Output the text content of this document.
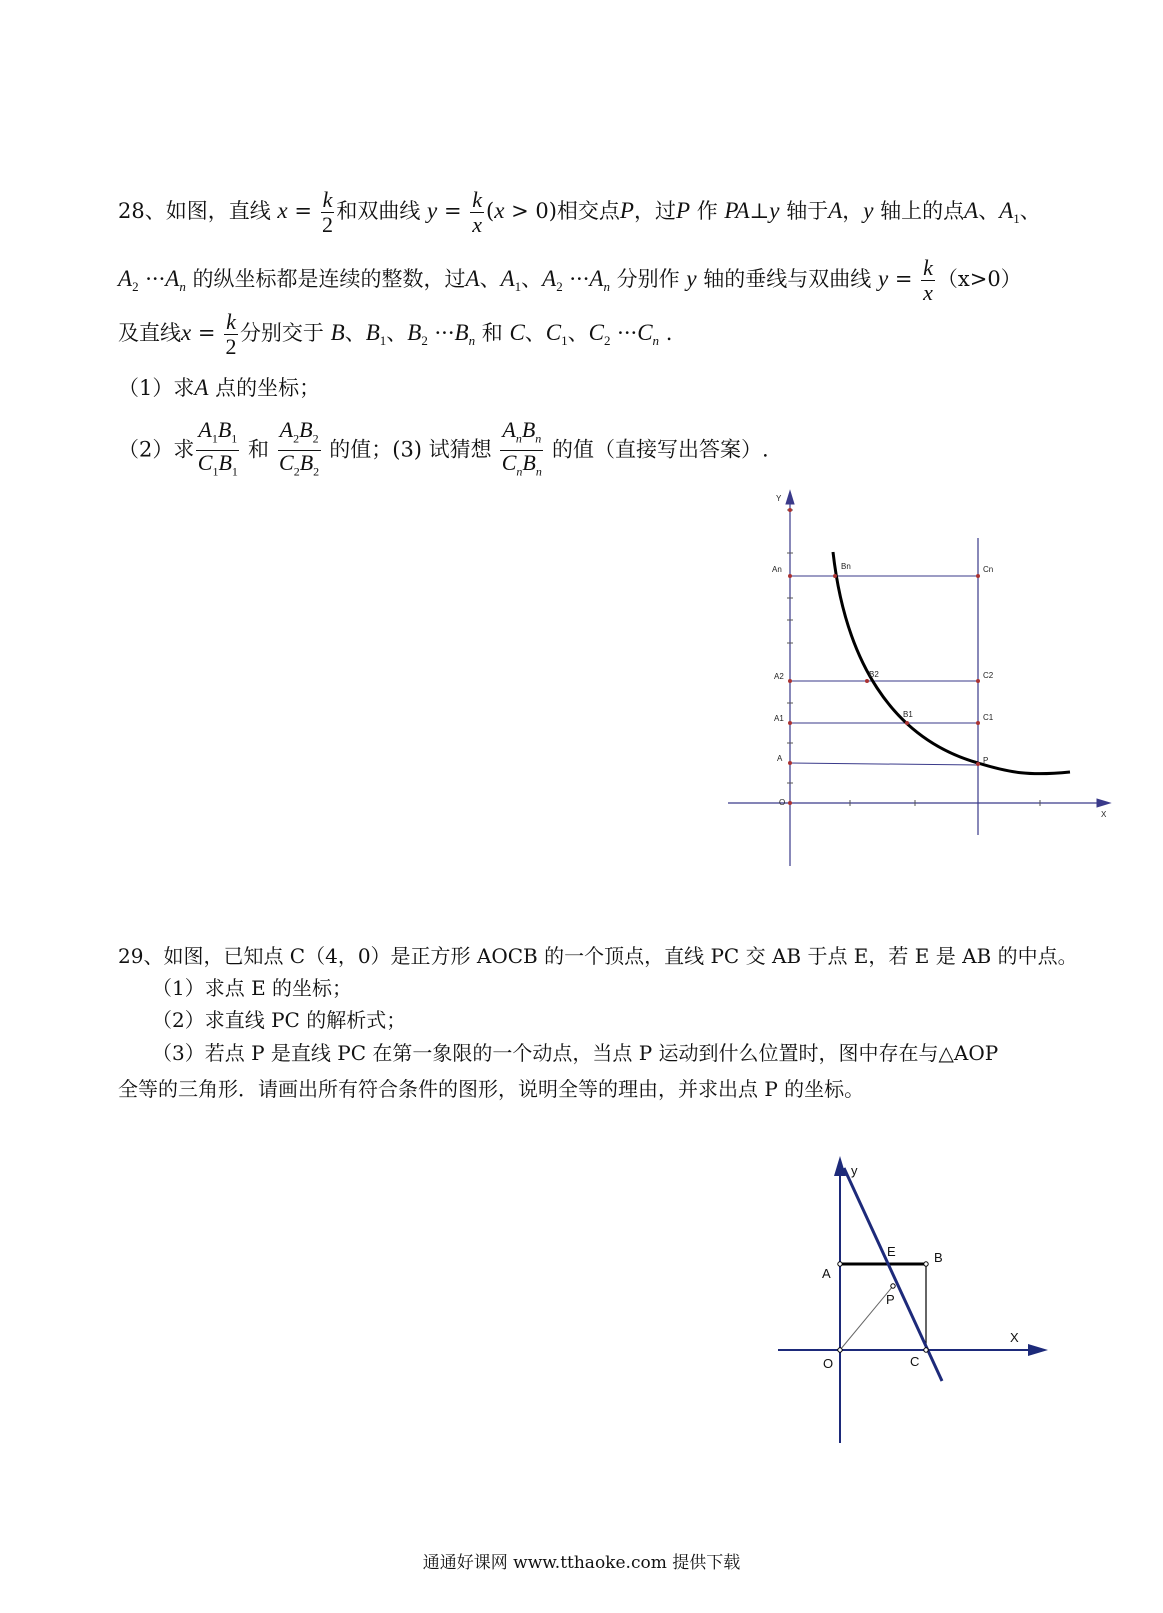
28、如图，直线 $x = \frac{k}{2}$ 和双曲线 $y = \frac{k}{x} (x > 0)$相交点P，过P 作 PA⊥y 轴于A，y 轴上的点A、$A_1$、
$A_2 \cdot\cdot\cdot A_n$ 的纵坐标都是连续的整数，过A、$A_1$、$A_2 \cdot\cdot\cdot A_n$ 分别作 y 轴的垂线与双曲线 $y = \frac{k}{x} (x>0)$
及直线$x = \frac{k}{2}$ 分别交于 B、$B_1$、$B_2 \cdot\cdot\cdot B_n$ 和 C、$C_1$、$C_2 \cdot\cdot\cdot C_n$ .
（1）求A 点的坐标；
（2）求 $\frac{A_1B_1}{C_1B_1}$ 和 $\frac{A_2B_2}{C_2B_2}$ 的值；(3) 试猜想 $\frac{A_nB_n}{C_nB_n}$ 的值（直接写出答案）.
Y
An
A2
A1
A
O
Bn
B2
B1
Cn
C2
C1
P
X
29、如图，已知点 C（4，0）是正方形 AOCB 的一个顶点，直线 PC 交 AB 于点 E，若 E 是 AB 的中点。
（1）求点 E 的坐标；
（2）求直线 PC 的解析式；
（3）若点 P 是直线 PC 在第一象限的一个动点，当点 P 运动到什么位置时，图中存在与△AOP
全等的三角形．请画出所有符合条件的图形，说明全等的理由，并求出点 P 的坐标。
y
X
O
A
B
C
E
P
通通好课网 www.tthaoke.com 提供下载
